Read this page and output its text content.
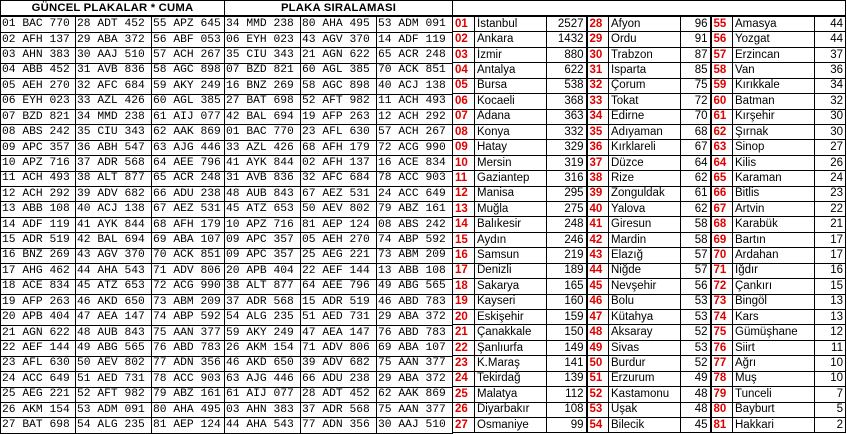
GÜNCEL PLAKALAR * CUMA			PLAKA SIRALAMASI		
01 BAC 770	28 ADT 452	55 APZ 645	34 MMD 238	80 AHA 495	53 ADM 091
02 AFH 137	29 ABA 372	56 ABF 053	06 EYH 023	43 AGV 370	14 ADF 119
03 AHN 383	30 AAJ 510	57 ACH 267	35 CIU 343	21 AGN 622	65 ACR 248
04 ABB 452	31 AVB 836	58 AGC 898	07 BZD 821	60 AGL 385	70 ACK 851
05 AEH 270	32 AFC 684	59 AKY 249	16 BNZ 269	58 AGC 898	40 ACJ 138
06 EYH 023	33 AZL 426	60 AGL 385	27 BAT 698	52 AFT 982	11 ACH 493
07 BZD 821	34 MMD 238	61 AIJ 077	42 BAL 694	19 AFP 263	12 ACH 292
08 ABS 242	35 CIU 343	62 AAK 869	01 BAC 770	23 AFL 630	57 ACH 267
09 APC 357	36 ABH 547	63 AJG 446	33 AZL 426	68 AFH 179	72 ACG 990
10 APZ 716	37 ADR 568	64 AEE 796	41 AYK 844	02 AFH 137	16 ACE 834
11 ACH 493	38 ALT 877	65 ACR 248	31 AVB 836	32 AFC 684	78 ACC 903
12 ACH 292	39 ADV 682	66 ADU 238	48 AUB 843	67 AEZ 531	24 ACC 649
13 ABB 108	40 ACJ 138	67 AEZ 531	45 ATZ 653	50 AEV 802	79 ABZ 161
14 ADF 119	41 AYK 844	68 AFH 179	10 APZ 716	81 AEP 124	08 ABS 242
15 ADR 519	42 BAL 694	69 ABA 107	09 APC 357	05 AEH 270	74 ABP 592
16 BNZ 269	43 AGV 370	70 ACK 851	09 APC 357	25 AEG 221	73 ABM 209
17 AHG 462	44 AHA 543	71 ADV 806	20 APB 404	22 AEF 144	13 ABB 108
18 ACE 834	45 ATZ 653	72 ACG 990	38 ALT 877	64 AEE 796	49 ABG 565
19 AFP 263	46 AKD 650	73 ABM 209	37 ADR 568	15 ADR 519	46 ABD 783
20 APB 404	47 AEA 147	74 ABP 592	54 ALG 235	51 AED 731	29 ABA 372
21 AGN 622	48 AUB 843	75 AAN 377	59 AKY 249	47 AEA 147	76 ABD 783
22 AEF 144	49 ABG 565	76 ABD 783	26 AKM 154	71 ADV 806	69 ABA 107
23 AFL 630	50 AEV 802	77 ADN 356	46 AKD 650	39 ADV 682	75 AAN 377
24 ACC 649	51 AED 731	78 ACC 903	63 AJG 446	66 ADU 238	29 ABA 372
25 AEG 221	52 AFT 982	79 ABZ 161	61 AIJ 077	28 ADT 452	62 AAK 869
26 AKM 154	53 ADM 091	80 AHA 495	03 AHN 383	37 ADR 568	75 AAN 377
27 BAT 698	54 ALG 235	81 AEP 124	44 AHA 543	77 ADN 356	30 AAJ 510

01	İstanbul	2527	28	Afyon	96	55	Amasya	44
02	Ankara	1432	29	Ordu	91	56	Yozgat	44
03	İzmir	880	30	Trabzon	87	57	Erzincan	37
04	Antalya	622	31	Isparta	85	58	Van	36
05	Bursa	538	32	Çorum	75	59	Kırıkkale	34
06	Kocaeli	368	33	Tokat	72	60	Batman	32
07	Adana	363	34	Edirne	70	61	Kırşehir	30
08	Konya	332	35	Adıyaman	68	62	Şırnak	30
09	Hatay	329	36	Kırklareli	67	63	Sinop	27
10	Mersin	319	37	Düzce	64	64	Kilis	26
11	Gaziantep	316	38	Rize	62	65	Karaman	24
12	Manisa	295	39	Zonguldak	61	66	Bitlis	23
13	Muğla	275	40	Yalova	62	67	Artvin	22
14	Balıkesir	248	41	Giresun	58	68	Karabük	21
15	Aydın	246	42	Mardin	58	69	Bartın	17
16	Samsun	219	43	Elazığ	57	70	Ardahan	17
17	Denizli	189	44	Niğde	57	71	Iğdır	16
18	Sakarya	165	45	Nevşehir	56	72	Çankırı	15
19	Kayseri	160	46	Bolu	53	73	Bingöl	13
20	Eskişehir	159	47	Kütahya	53	74	Kars	13
21	Çanakkale	150	48	Aksaray	52	75	Gümüşhane	12
22	Şanlıurfa	149	49	Sivas	53	76	Siirt	11
23	K.Maraş	141	50	Burdur	52	77	Ağrı	10
24	Tekirdağ	139	51	Erzurum	49	78	Muş	10
25	Malatya	112	52	Kastamonu	48	79	Tunceli	7
26	Diyarbakır	108	53	Uşak	48	80	Bayburt	5
27	Osmaniye	99	54	Bilecik	45	81	Hakkari	2
